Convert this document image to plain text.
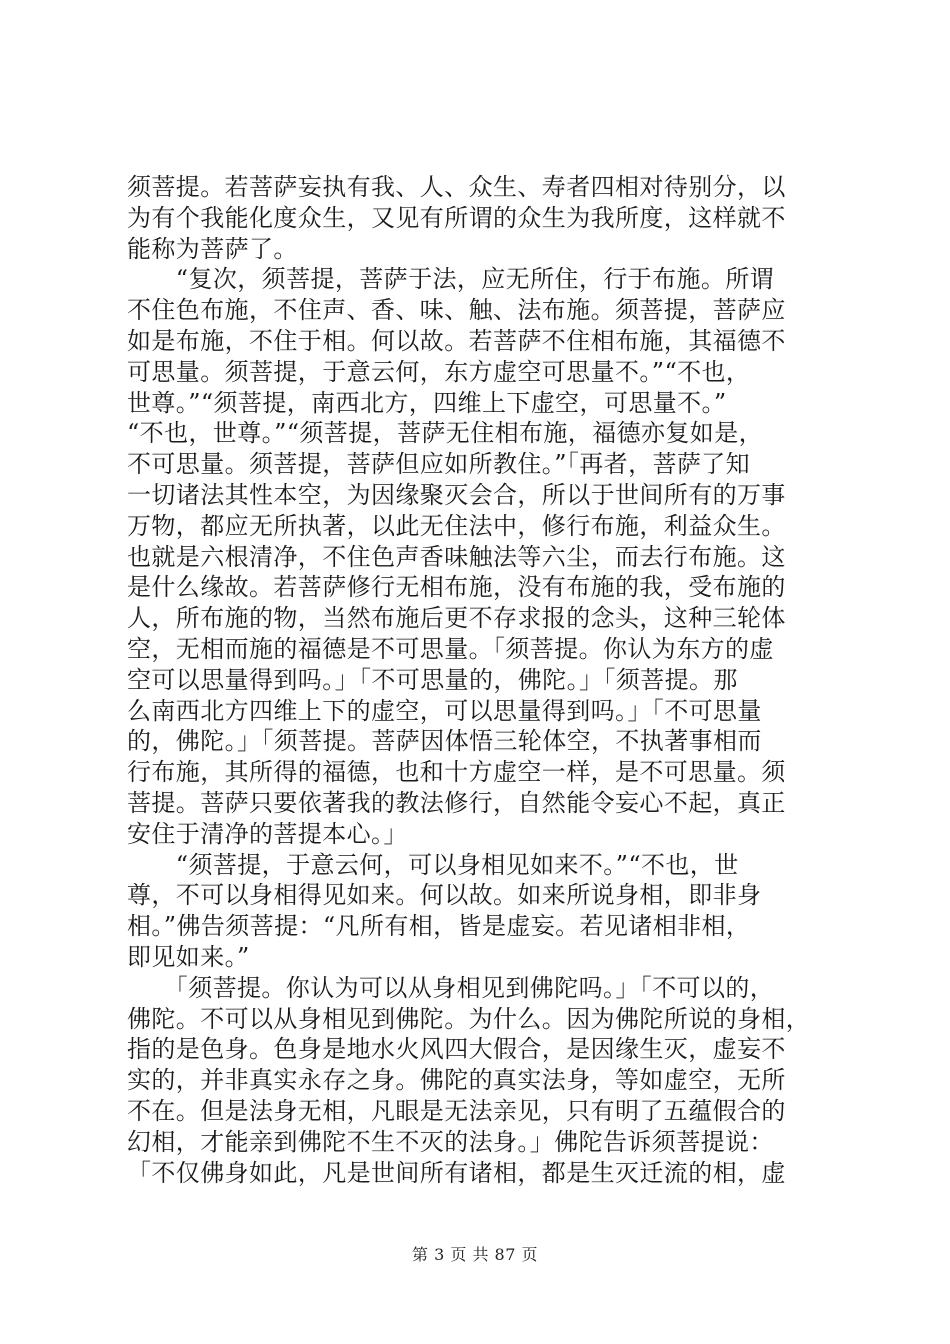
须菩提。若菩萨妄执有我、人、众生、寿者四相对待别分，以
为有个我能化度众生，又见有所谓的众生为我所度，这样就不
能称为菩萨了。
　　“复次，须菩提，菩萨于法，应无所住，行于布施。所谓
不住色布施，不住声、香、味、触、法布施。须菩提，菩萨应
如是布施，不住于相。何以故。若菩萨不住相布施，其福德不
可思量。须菩提，于意云何，东方虚空可思量不。”“不也，
世尊。”“须菩提，南西北方，四维上下虚空，可思量不。”
“不也，世尊。”“须菩提，菩萨无住相布施，福德亦复如是，
不可思量。须菩提，菩萨但应如所教住。”「再者，菩萨了知
一切诸法其性本空，为因缘聚灭会合，所以于世间所有的万事
万物，都应无所执著，以此无住法中，修行布施，利益众生。
也就是六根清净，不住色声香味触法等六尘，而去行布施。这
是什么缘故。若菩萨修行无相布施，没有布施的我，受布施的
人，所布施的物，当然布施后更不存求报的念头，这种三轮体
空，无相而施的福德是不可思量。「须菩提。你认为东方的虚
空可以思量得到吗。」「不可思量的，佛陀。」「须菩提。那
么南西北方四维上下的虚空，可以思量得到吗。」「不可思量
的，佛陀。」「须菩提。菩萨因体悟三轮体空，不执著事相而
行布施，其所得的福德，也和十方虚空一样，是不可思量。须
菩提。菩萨只要依著我的教法修行，自然能令妄心不起，真正
安住于清净的菩提本心。」
　　“须菩提，于意云何，可以身相见如来不。”“不也，世
尊，不可以身相得见如来。何以故。如来所说身相，即非身
相。”佛告须菩提：“凡所有相，皆是虚妄。若见诸相非相，
即见如来。”
　　「须菩提。你认为可以从身相见到佛陀吗。」「不可以的，
佛陀。不可以从身相见到佛陀。为什么。因为佛陀所说的身相，
指的是色身。色身是地水火风四大假合，是因缘生灭，虚妄不
实的，并非真实永存之身。佛陀的真实法身，等如虚空，无所
不在。但是法身无相，凡眼是无法亲见，只有明了五蕴假合的
幻相，才能亲到佛陀不生不灭的法身。」佛陀告诉须菩提说：
「不仅佛身如此，凡是世间所有诸相，都是生灭迁流的相，虚
第 3 页 共 87 页
